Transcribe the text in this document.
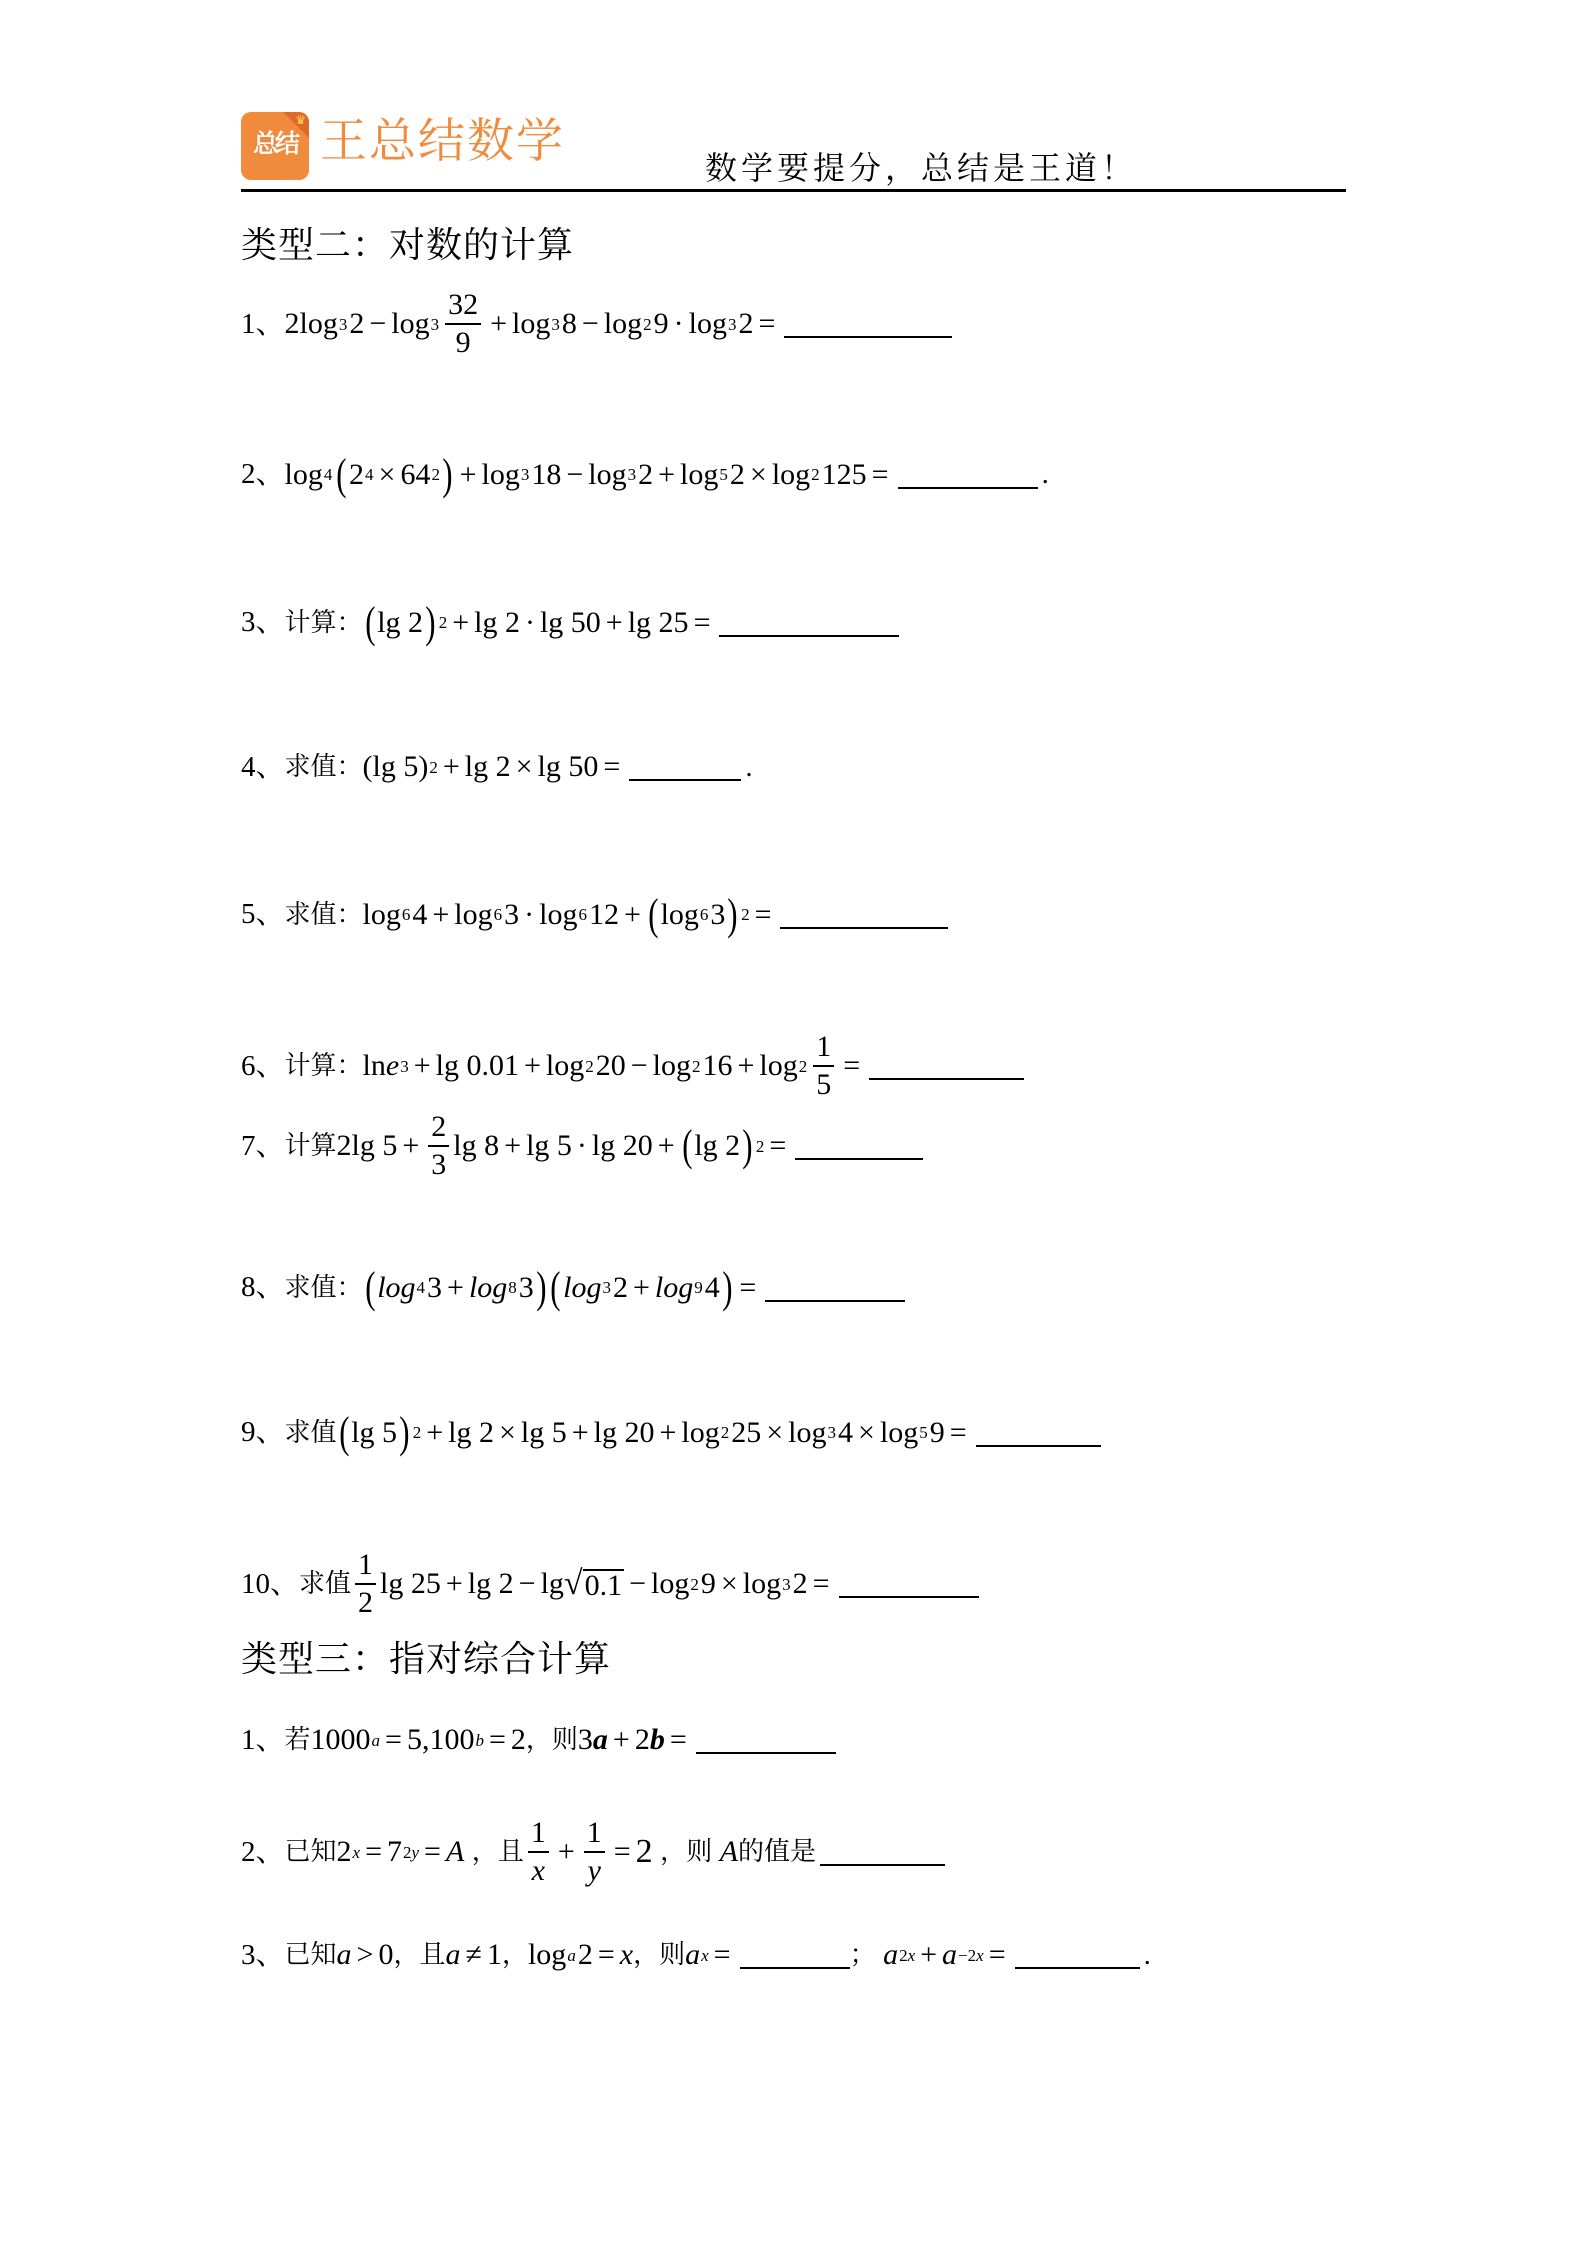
♛
总结 王总结数学	数学要提分，总结是王道！
类型二：对数的计算
1、 2log 3 $2 - \log 3 \frac{32}{9} + \log 3$ 8 − log 2 9 · log 3 2 =
2、 log 4 ( 2 4 × 64 2 ) + log 3 18 − log 3 2 + log 5 2 × log 2 125 =	.
3、 计算： ( lg 2 ) 2 + lg 2 · lg 50 + lg 25 =
4、 求值： (lg 5) 2 + lg 2 × lg 50 =	.
5、 求值： log 6 4 + log 6 3 · log 6 12 + ( log 6 3 ) 2 =
6、 计算： ln e 3 + lg 0.01 + log 2 20 − log 2 $16 + \log 2 \frac{1}{5}$ =
7、 计算 2lg $5 + \frac{2}{3}$ lg 8 + lg 5 · lg 20 + ( lg 2 ) 2 =
8、 求值： ( log 4 3 + log 8 3 ) ( log 3 2 + log 9 4 ) =
9、 求值 ( lg 5 ) 2 + lg 2 × lg 5 + lg 20 + log 2 25 × log 3 4 × log 5 9 =
10、 求值 $\frac{1}{2}$ lg 25 + lg 2 − lg √ 0.1 − log 2 9 × log 3 2 =
类型三：指对综合计算
1、 若 1000 a = 5,100 b = 2 ， 则 3 a + 2 b =
2、 已知 2 x = 7 2y = A
， 且 $\frac{1}{x} + \frac{1}{y} = 2$
， 则
A 的值是
3、 已知 a > 0 ， 且 a ≠ 1 ， log a 2 = x ， 则 a x =	；
a 2x + a −2x =	.
